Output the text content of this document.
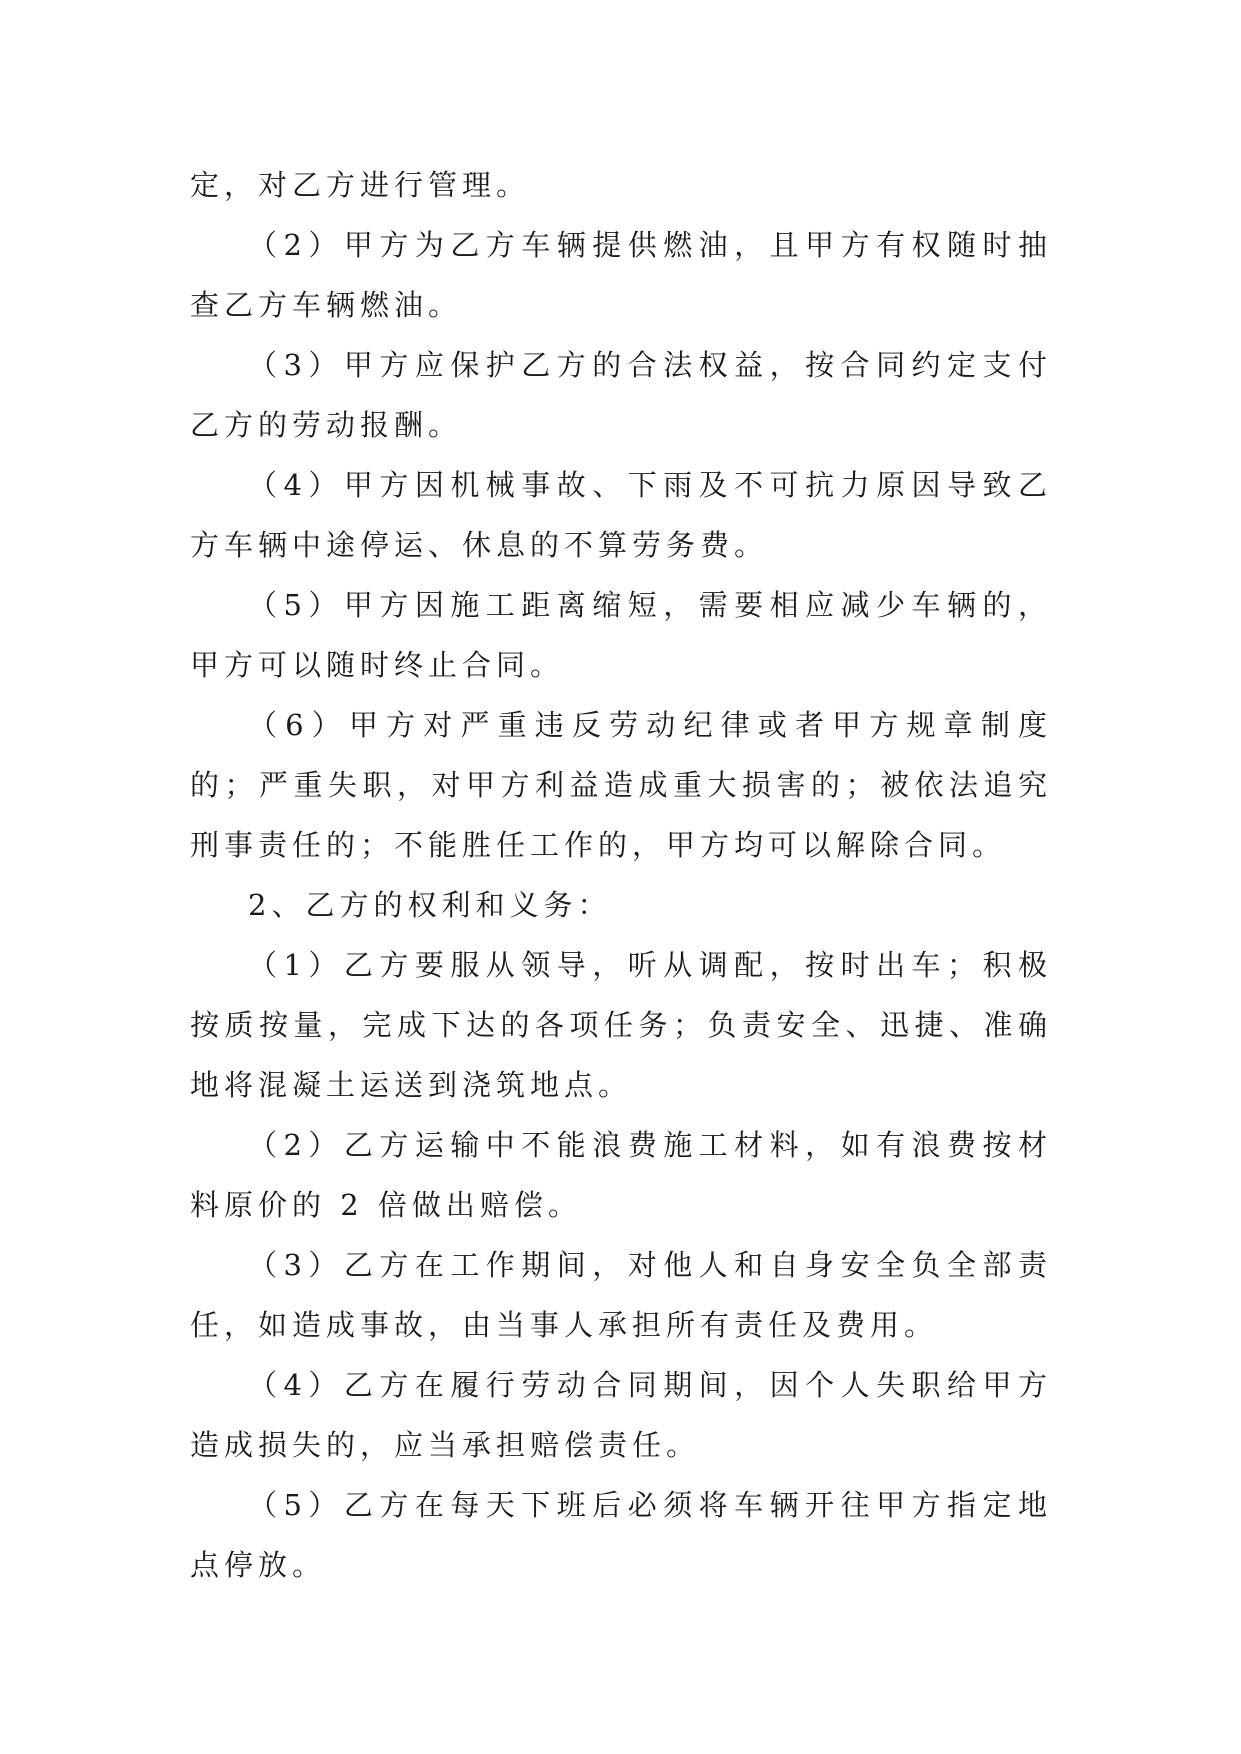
定，对乙方进行管理。

（2）甲方为乙方车辆提供燃油，且甲方有权随时抽查乙方车辆燃油。

（3）甲方应保护乙方的合法权益，按合同约定支付乙方的劳动报酬。

（4）甲方因机械事故、下雨及不可抗力原因导致乙方车辆中途停运、休息的不算劳务费。

（5）甲方因施工距离缩短，需要相应减少车辆的，甲方可以随时终止合同。

（6）甲方对严重违反劳动纪律或者甲方规章制度的；严重失职，对甲方利益造成重大损害的；被依法追究刑事责任的；不能胜任工作的，甲方均可以解除合同。

2、乙方的权利和义务：

（1）乙方要服从领导，听从调配，按时出车；积极按质按量，完成下达的各项任务；负责安全、迅捷、准确地将混凝土运送到浇筑地点。

（2）乙方运输中不能浪费施工材料，如有浪费按材料原价的 2 倍做出赔偿。

（3）乙方在工作期间，对他人和自身安全负全部责任，如造成事故，由当事人承担所有责任及费用。

（4）乙方在履行劳动合同期间，因个人失职给甲方造成损失的，应当承担赔偿责任。

（5）乙方在每天下班后必须将车辆开往甲方指定地点停放。
